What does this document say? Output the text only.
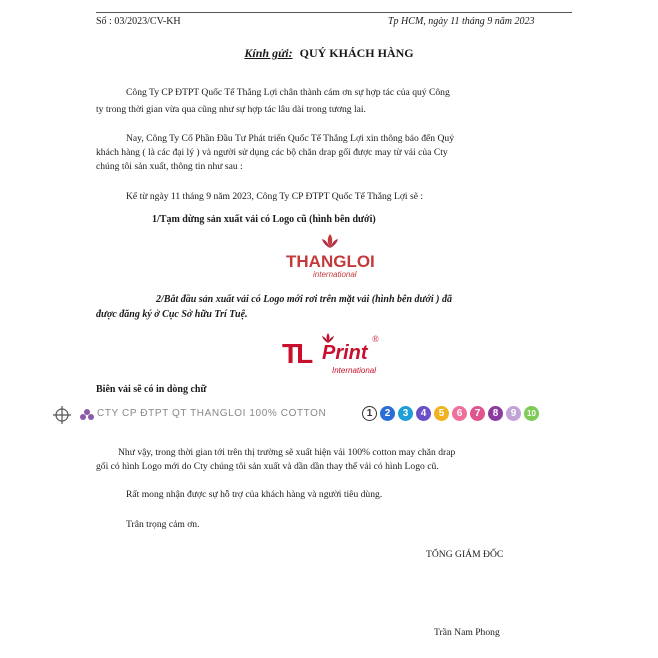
Số : 03/2023/CV-KH	Tp HCM, ngày 11 tháng 9 năm 2023
Kính gửi: QUÝ KHÁCH HÀNG
Công Ty CP ĐTPT Quốc Tế Thắng Lợi chân thành cám ơn sự hợp tác của quý Công
ty trong thời gian vừa qua cũng như sự hợp tác lâu dài trong tương lai.
Nay, Công Ty Cổ Phần Đầu Tư Phát triển Quốc Tế Thắng Lợi xin thông báo đến Quý
khách hàng ( là các đại lý ) và người sử dụng các bộ chăn drap gối được may từ vải của Cty
chúng tôi sản xuất, thông tin như sau :
Kể từ ngày 11 tháng 9 năm 2023, Công Ty CP ĐTPT Quốc Tế Thắng Lợi sẽ :
1/Tạm dừng sản xuất vải có Logo cũ (hình bên dưới)
THANGLOI
international
2/Bắt đầu sản xuất vải có Logo mới rơi trên mặt vải (hình bên dưới ) đã
được đăng ký ở Cục Sở hữu Trí Tuệ.
TL Print
International
®
Biên vải sẽ có in dòng chữ
CTY CP ĐTPT QT THANGLOI 100% COTTON	1	2	3	4	5	6	7	8	9	10
Như vậy, trong thời gian tới trên thị trường sẽ xuất hiện vải 100% cotton may chăn drap
gối có hình Logo mới do Cty chúng tôi sản xuất và dần dần thay thế vải có hình Logo cũ.
Rất mong nhận được sự hỗ trợ của khách hàng và người tiêu dùng.
Trân trọng cảm ơn.
TỔNG GIÁM ĐỐC
Trần Nam Phong
